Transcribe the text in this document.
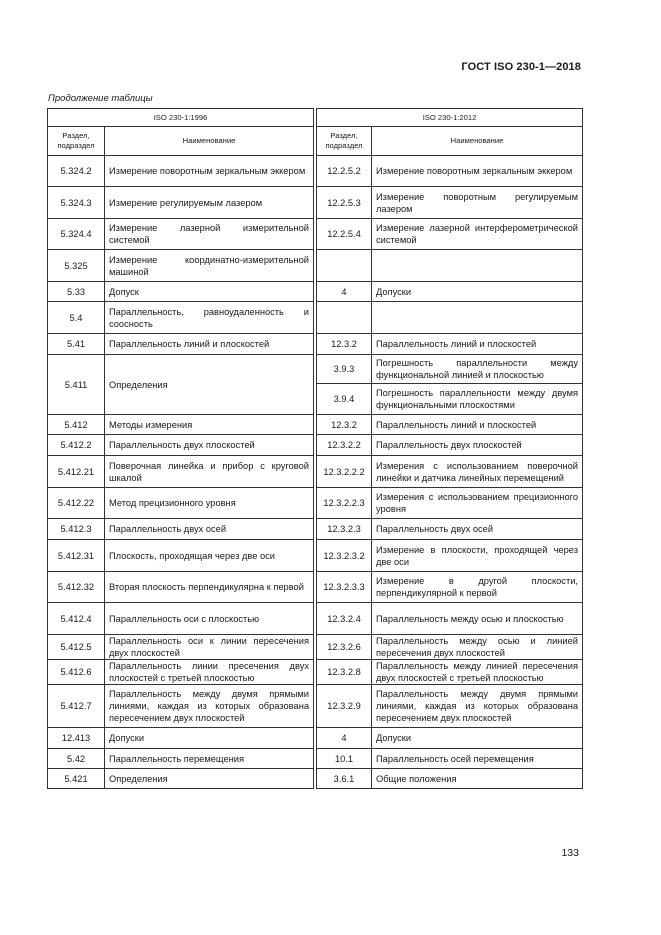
ГОСТ ISO 230-1—2018
Продолжение таблицы
ISO 230-1:1996			ISO 230-1:2012	
Раздел, подраздел	Наименование		Раздел, подраздел	Наименование
5.324.2	Измерение поворотным зеркальным эккером		12.2.5.2	Измерение поворотным зеркальным эккером
5.324.3	Измерение регулируемым лазером		12.2.5.3	Измерение поворотным регулируемым лазером
5.324.4	Измерение лазерной измерительной системой		12.2.5.4	Измерение лазерной интерферометрической системой
5.325	Измерение координатно-измерительной машиной			
5.33	Допуск		4	Допуски
5.4	Параллельность, равноудаленность и соосность			
5.41	Параллельность линий и плоскостей		12.3.2	Параллельность линий и плоскостей
5.411	Определения		3.9.3	Погрешность параллельности между функциональной линией и плоскостью
			3.9.4	Погрешность параллельности между двумя функциональными плоскостями
5.412	Методы измерения		12.3.2	Параллельность линий и плоскостей
5.412.2	Параллельность двух плоскостей		12.3.2.2	Параллельность двух плоскостей
5.412.21	Поверочная линейка и прибор с круговой шкалой		12.3.2.2.2	Измерения с использованием поверочной линейки и датчика линейных перемещений
5.412.22	Метод прецизионного уровня		12.3.2.2.3	Измерения с использованием прецизионного уровня
5.412.3	Параллельность двух осей		12.3.2.3	Параллельность двух осей
5.412.31	Плоскость, проходящая через две оси		12.3.2.3.2	Измерение в плоскости, проходящей через две оси
5.412.32	Вторая плоскость перпендикулярна к первой		12.3.2.3.3	Измерение в другой плоскости, перпендикулярной к первой
5.412.4	Параллельность оси с плоскостью		12.3.2.4	Параллельность между осью и плоскостью
5.412.5	Параллельность оси к линии пересечения двух плоскостей		12.3.2.6	Параллельность между осью и линией пересечения двух плоскостей
5.412.6	Параллельность линии пресечения двух плоскостей с третьей плоскостью		12.3.2.8	Параллельность между линией пересечения двух плоскостей с третьей плоскостью
5.412.7	Параллельность между двумя прямыми линиями, каждая из которых образована пересечением двух плоскостей		12.3.2.9	Параллельность между двумя прямыми линиями, каждая из которых образована пересечением двух плоскостей
12.413	Допуски		4	Допуски
5.42	Параллельность перемещения		10.1	Параллельность осей перемещения
5.421	Определения		3.6.1	Общие положения
133
